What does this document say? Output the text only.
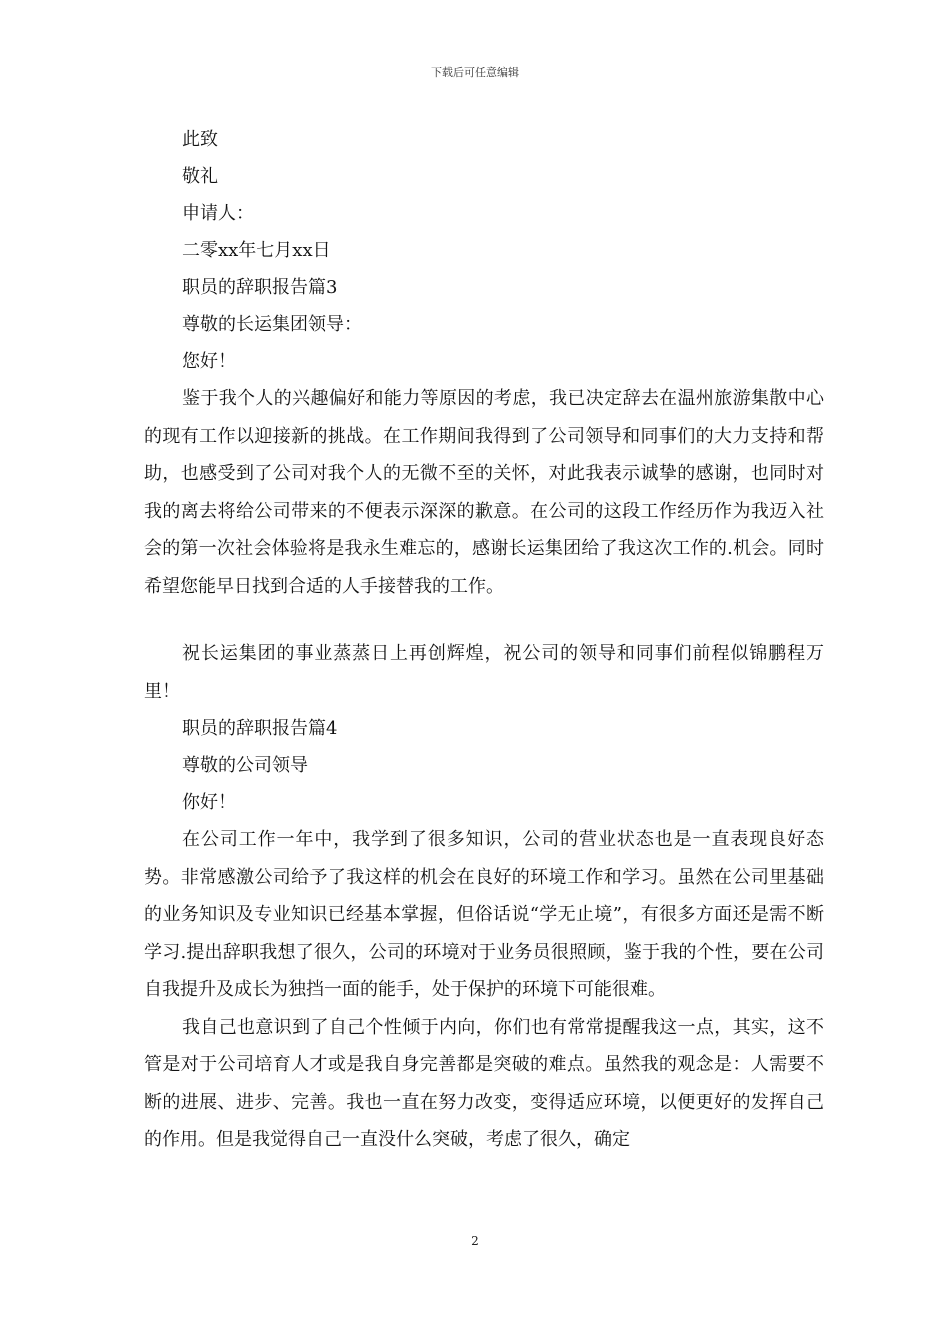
下载后可任意编辑
此致
敬礼
申请人：
二零xx年七月xx日
职员的辞职报告篇3
尊敬的长运集团领导：
您好！
鉴于我个人的兴趣偏好和能力等原因的考虑，我已决定辞去在温州旅游集散中心的现有工作以迎接新的挑战。在工作期间我得到了公司领导和同事们的大力支持和帮助，也感受到了公司对我个人的无微不至的关怀，对此我表示诚挚的感谢，也同时对我的离去将给公司带来的不便表示深深的歉意。在公司的这段工作经历作为我迈入社会的第一次社会体验将是我永生难忘的，感谢长运集团给了我这次工作的.机会。同时希望您能早日找到合适的人手接替我的工作。
祝长运集团的事业蒸蒸日上再创辉煌，祝公司的领导和同事们前程似锦鹏程万里！
职员的辞职报告篇4
尊敬的公司领导
你好！
在公司工作一年中，我学到了很多知识，公司的营业状态也是一直表现良好态势。非常感激公司给予了我这样的机会在良好的环境工作和学习。虽然在公司里基础的业务知识及专业知识已经基本掌握，但俗话说“学无止境”，有很多方面还是需不断学习.提出辞职我想了很久，公司的环境对于业务员很照顾，鉴于我的个性，要在公司自我提升及成长为独挡一面的能手，处于保护的环境下可能很难。
我自己也意识到了自己个性倾于内向，你们也有常常提醒我这一点，其实，这不管是对于公司培育人才或是我自身完善都是突破的难点。虽然我的观念是：人需要不断的进展、进步、完善。我也一直在努力改变，变得适应环境，以便更好的发挥自己的作用。但是我觉得自己一直没什么突破，考虑了很久，确定
2
